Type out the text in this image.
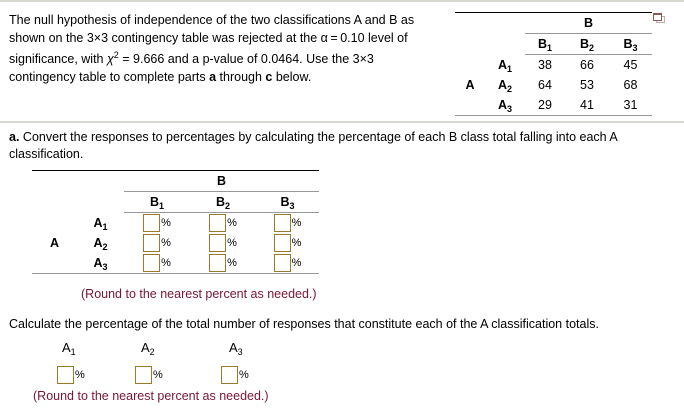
The null hypothesis of independence of the two classifications A and B as
shown on the 3×3 contingency table was rejected at the α = 0.10 level of
significance, with $\chi^2 = 9.666$ and a p-value of 0.0464. Use the 3×3
contingency table to complete parts a through c below.
		B		
		$B_1$	$B_2$	$B_3$
	$A_1$	38	66	45
A	$A_2$	64	53	68
	$A_3$	29	41	31
a. Convert the responses to percentages by calculating the percentage of each B class total falling into each A classification.
		B		
		$B_1$	$B_2$	$B_3$
	$A_1$	%	%	%
A	$A_2$	%	%	%
	$A_3$	%	%	%
(Round to the nearest percent as needed.)
Calculate the percentage of the total number of responses that constitute each of the A classification totals.
$A_1$	$A_2$	$A_3$
%	%	%
(Round to the nearest percent as needed.)
